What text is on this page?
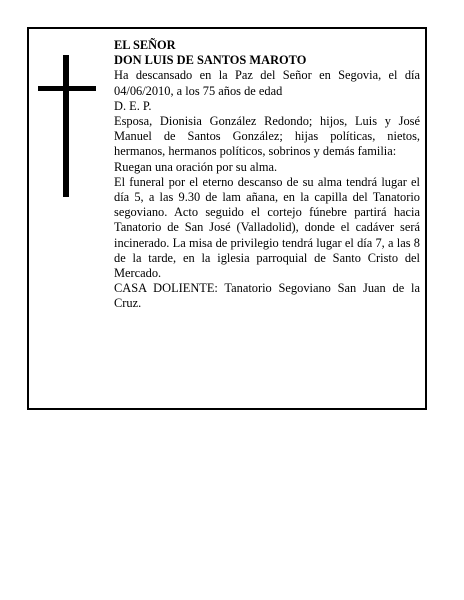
EL SEÑOR

DON LUIS DE SANTOS MAROTO

Ha descansado en la Paz del Señor en Segovia, el día 04/06/2010, a los 75 años de edad

D. E. P.

Esposa, Dionisia González Redondo; hijos, Luis y José Manuel de Santos González; hijas políticas, nietos, hermanos, hermanos políticos, sobrinos y demás familia:

Ruegan una oración por su alma.

El funeral por el eterno descanso de su alma tendrá lugar el día 5, a las 9.30 de lam añana, en la capilla del Tanatorio segoviano. Acto seguido el cortejo fúnebre partirá hacia Tanatorio de San José (Valladolid), donde el cadáver será incinerado. La misa de privilegio tendrá lugar el día 7, a las 8 de la tarde, en la iglesia parroquial de Santo Cristo del Mercado.

CASA DOLIENTE: Tanatorio Segoviano San Juan de la Cruz.
